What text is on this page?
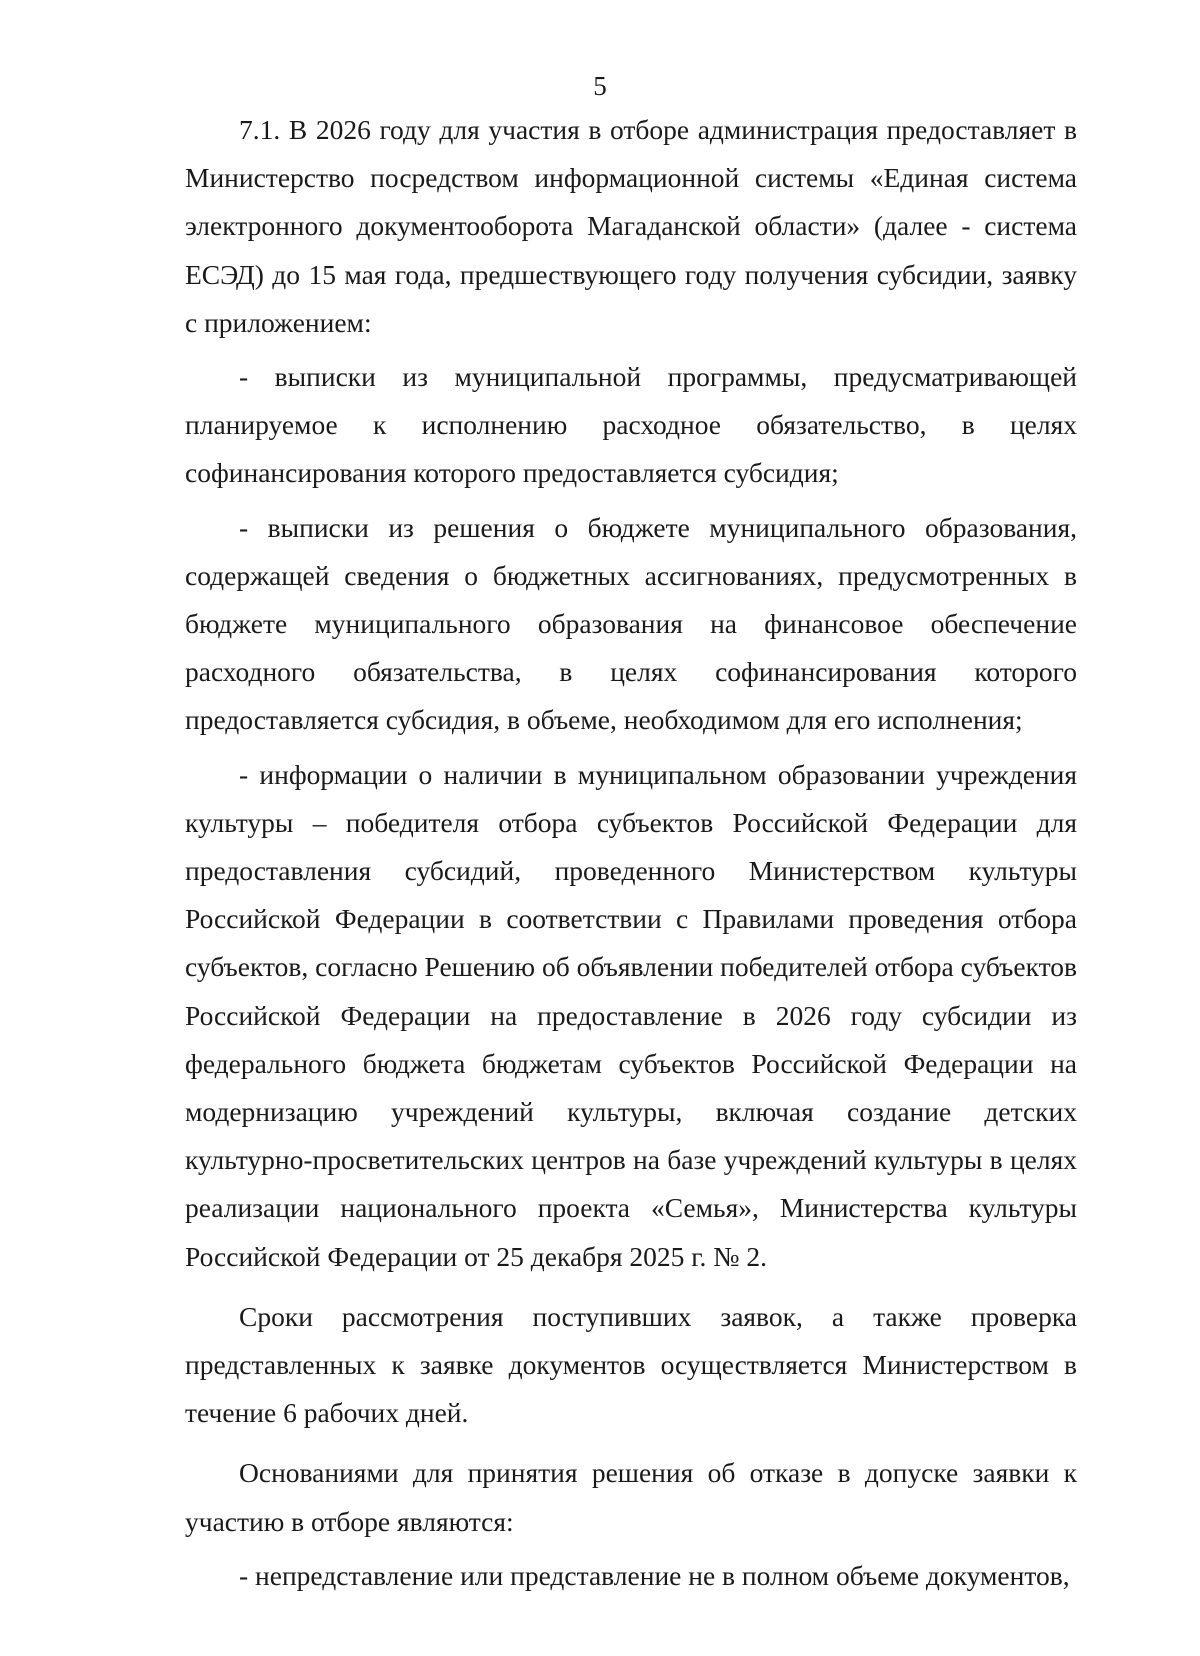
5

7.1. В 2026 году для участия в отборе администрация предоставляет в Министерство посредством информационной системы «Единая система электронного документооборота Магаданской области» (далее - система ЕСЭД) до 15 мая года, предшествующего году получения субсидии, заявку с приложением:

- выписки из муниципальной программы, предусматривающей планируемое к исполнению расходное обязательство, в целях софинансирования которого предоставляется субсидия;

- выписки из решения о бюджете муниципального образования, содержащей сведения о бюджетных ассигнованиях, предусмотренных в бюджете муниципального образования на финансовое обеспечение расходного обязательства, в целях софинансирования которого предоставляется субсидия, в объеме, необходимом для его исполнения;

- информации о наличии в муниципальном образовании учреждения культуры – победителя отбора субъектов Российской Федерации для предоставления субсидий, проведенного Министерством культуры Российской Федерации в соответствии с Правилами проведения отбора субъектов, согласно Решению об объявлении победителей отбора субъектов Российской Федерации на предоставление в 2026 году субсидии из федерального бюджета бюджетам субъектов Российской Федерации на модернизацию учреждений культуры, включая создание детских культурно-просветительских центров на базе учреждений культуры в целях реализации национального проекта «Семья», Министерства культуры Российской Федерации от 25 декабря 2025 г. № 2.

Сроки рассмотрения поступивших заявок, а также проверка представленных к заявке документов осуществляется Министерством в течение 6 рабочих дней.

Основаниями для принятия решения об отказе в допуске заявки к участию в отборе являются:

- непредставление или представление не в полном объеме документов,
